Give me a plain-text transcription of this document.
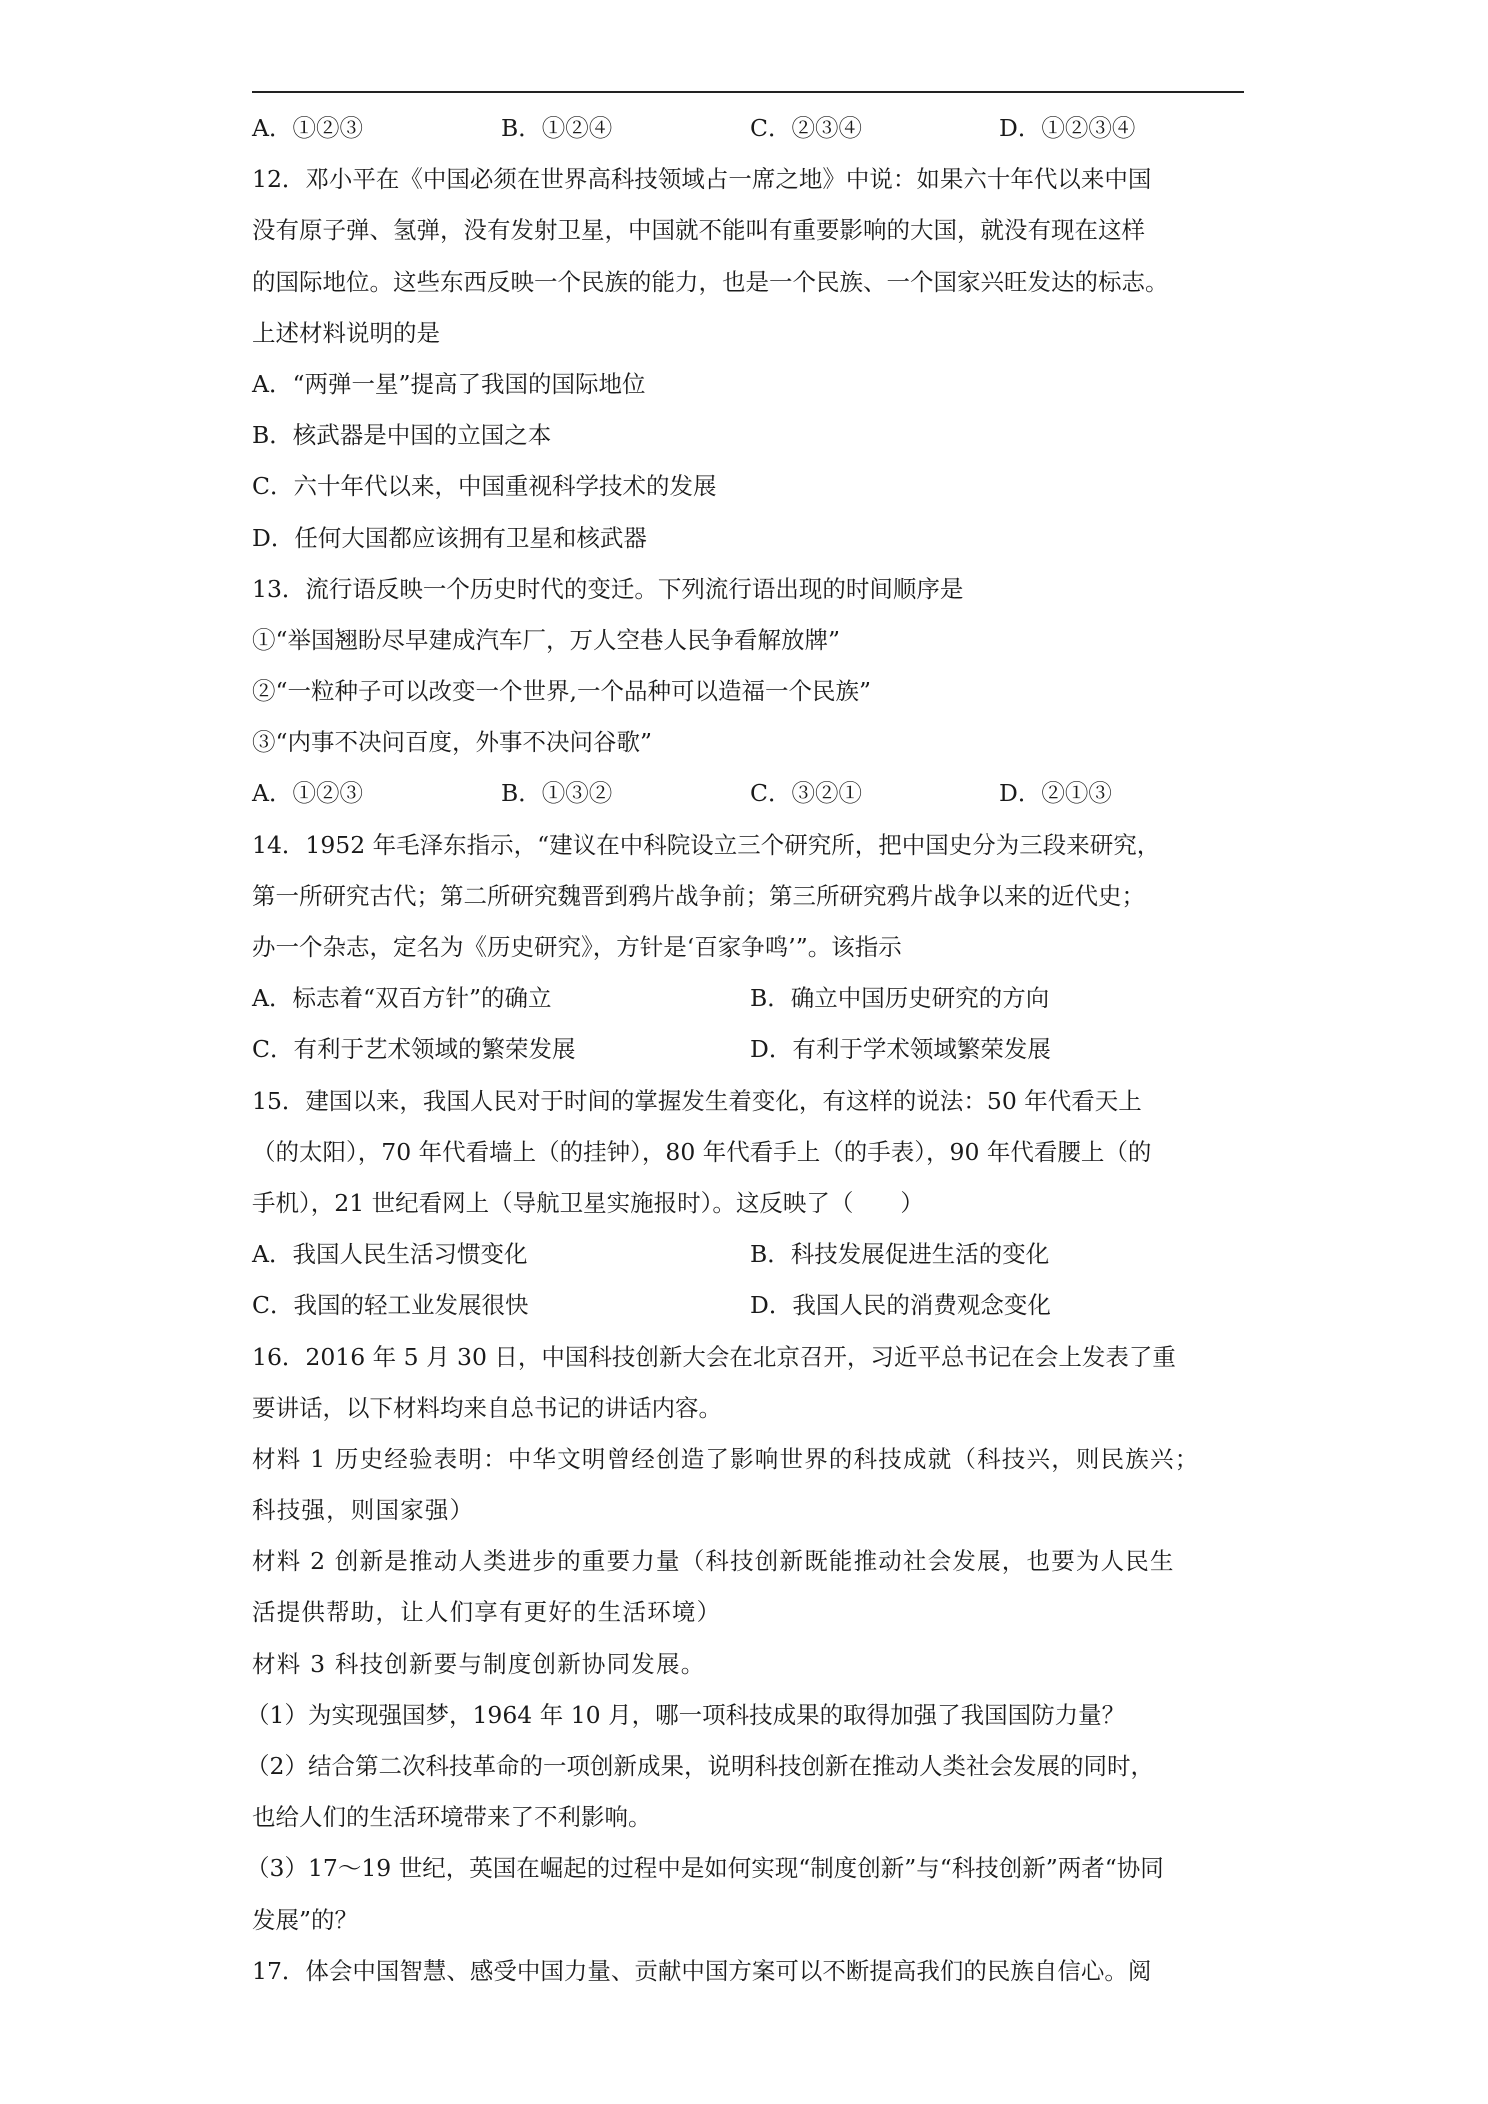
A．①②③	B．①②④	C．②③④	D．①②③④
12．邓小平在《中国必须在世界高科技领域占一席之地》中说：如果六十年代以来中国
没有原子弹、氢弹，没有发射卫星，中国就不能叫有重要影响的大国，就没有现在这样
的国际地位。这些东西反映一个民族的能力，也是一个民族、一个国家兴旺发达的标志。
上述材料说明的是
A．“两弹一星”提高了我国的国际地位
B．核武器是中国的立国之本
C．六十年代以来，中国重视科学技术的发展
D．任何大国都应该拥有卫星和核武器
13．流行语反映一个历史时代的变迁。下列流行语出现的时间顺序是
①“举国翘盼尽早建成汽车厂，万人空巷人民争看解放牌”
②“一粒种子可以改变一个世界,一个品种可以造福一个民族”
③“内事不决问百度，外事不决问谷歌”
A．①②③	B．①③②	C．③②①	D．②①③
14．1952 年毛泽东指示，“建议在中科院设立三个研究所，把中国史分为三段来研究，
第一所研究古代；第二所研究魏晋到鸦片战争前；第三所研究鸦片战争以来的近代史；
办一个杂志，定名为《历史研究》，方针是‘百家争鸣’”。该指示
A．标志着“双百方针”的确立	B．确立中国历史研究的方向
C．有利于艺术领域的繁荣发展	D．有利于学术领域繁荣发展
15．建国以来，我国人民对于时间的掌握发生着变化，有这样的说法：50 年代看天上
（的太阳），70 年代看墙上（的挂钟），80 年代看手上（的手表），90 年代看腰上（的
手机），21 世纪看网上（导航卫星实施报时）。这反映了（　　）
A．我国人民生活习惯变化	B．科技发展促进生活的变化
C．我国的轻工业发展很快	D．我国人民的消费观念变化
16．2016 年 5 月 30 日，中国科技创新大会在北京召开，习近平总书记在会上发表了重
要讲话，以下材料均来自总书记的讲话内容。
材料 1 历史经验表明：中华文明曾经创造了影响世界的科技成就（科技兴，则民族兴；
科技强，则国家强）
材料 2 创新是推动人类进步的重要力量（科技创新既能推动社会发展，也要为人民生
活提供帮助，让人们享有更好的生活环境）
材料 3 科技创新要与制度创新协同发展。
（1）为实现强国梦，1964 年 10 月，哪一项科技成果的取得加强了我国国防力量？
（2）结合第二次科技革命的一项创新成果，说明科技创新在推动人类社会发展的同时，
也给人们的生活环境带来了不利影响。
（3）17～19 世纪，英国在崛起的过程中是如何实现“制度创新”与“科技创新”两者“协同
发展”的？
17．体会中国智慧、感受中国力量、贡献中国方案可以不断提高我们的民族自信心。阅
